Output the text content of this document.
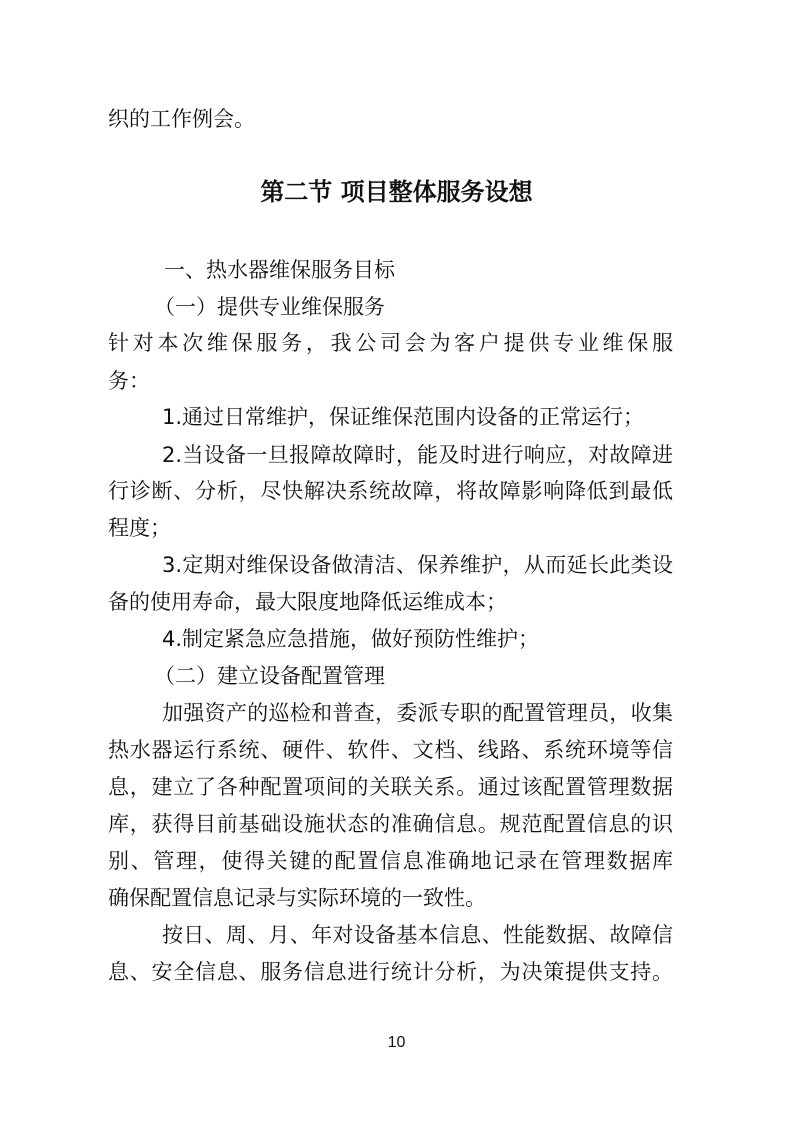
织的工作例会。
第二节 项目整体服务设想
一、热水器维保服务目标
（一）提供专业维保服务
针对本次维保服务，我公司会为客户提供专业维保服
务：
1.通过日常维护，保证维保范围内设备的正常运行；
2.当设备一旦报障故障时，能及时进行响应，对故障进
行诊断、分析，尽快解决系统故障，将故障影响降低到最低
程度；
3.定期对维保设备做清洁、保养维护，从而延长此类设
备的使用寿命，最大限度地降低运维成本；
4.制定紧急应急措施，做好预防性维护；
（二）建立设备配置管理
加强资产的巡检和普查，委派专职的配置管理员，收集
热水器运行系统、硬件、软件、文档、线路、系统环境等信
息，建立了各种配置项间的关联关系。通过该配置管理数据
库，获得目前基础设施状态的准确信息。规范配置信息的识
别、管理，使得关键的配置信息准确地记录在管理数据库
确保配置信息记录与实际环境的一致性。
按日、周、月、年对设备基本信息、性能数据、故障信
息、安全信息、服务信息进行统计分析，为决策提供支持。
10
